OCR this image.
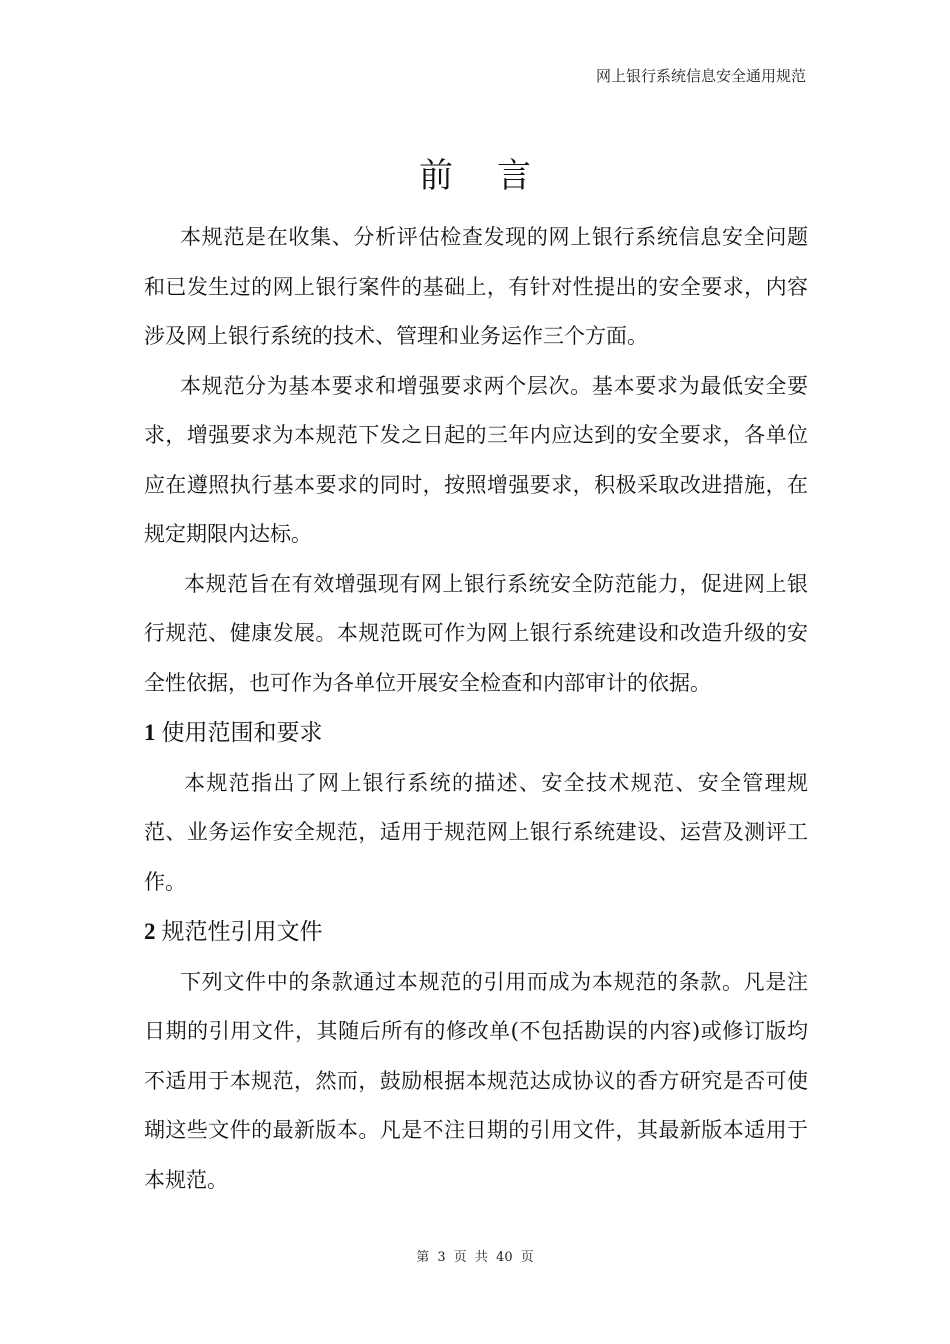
网上银行系统信息安全通用规范
前言

本规范是在收集、分析评估检查发现的网上银行系统信息安全问题和已发生过的网上银行案件的基础上，有针对性提出的安全要求，内容涉及网上银行系统的技术、管理和业务运作三个方面。

本规范分为基本要求和增强要求两个层次。基本要求为最低安全要求，增强要求为本规范下发之日起的三年内应达到的安全要求，各单位应在遵照执行基本要求的同时，按照增强要求，积极采取改进措施，在规定期限内达标。

本规范旨在有效增强现有网上银行系统安全防范能力，促进网上银行规范、健康发展。本规范既可作为网上银行系统建设和改造升级的安全性依据，也可作为各单位开展安全检查和内部审计的依据。

1 使用范围和要求

本规范指出了网上银行系统的描述、安全技术规范、安全管理规范、业务运作安全规范，适用于规范网上银行系统建设、运营及测评工作。

2 规范性引用文件

下列文件中的条款通过本规范的引用而成为本规范的条款。凡是注日期的引用文件，其随后所有的修改单(不包括勘误的内容)或修订版均不适用于本规范，然而，鼓励根据本规范达成协议的香方研究是否可使瑚这些文件的最新版本。凡是不注日期的引用文件，其最新版本适用于本规范。

第 3 页 共 40 页
